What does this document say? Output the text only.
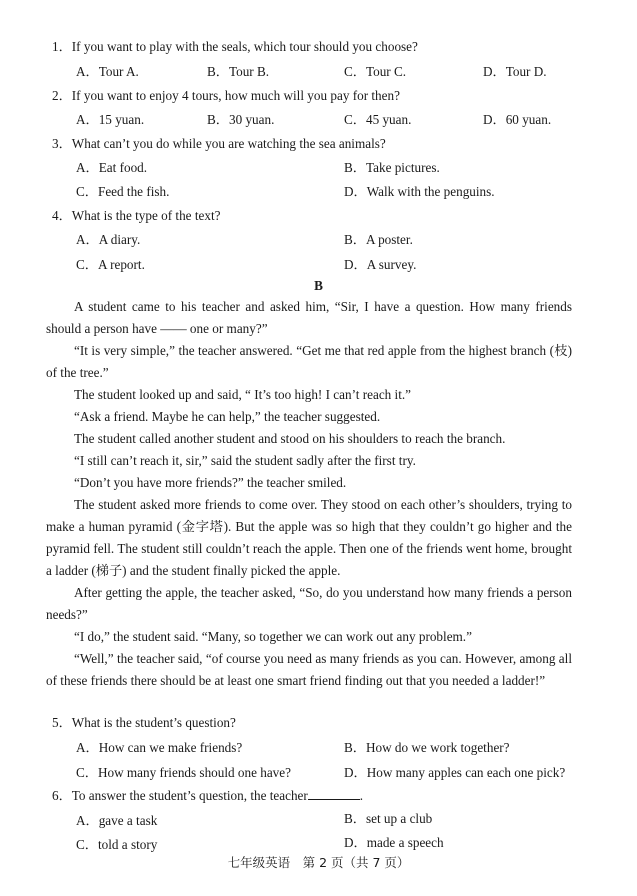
1．If you want to play with the seals, which tour should you choose?
A．Tour A.	B．Tour B.	C．Tour C.	D．Tour D.
2．If you want to enjoy 4 tours, how much will you pay for then?
A．15 yuan.	B．30 yuan.	C．45 yuan.	D．60 yuan.
3．What can’t you do while you are watching the sea animals?
A．Eat food.	B．Take pictures.
C．Feed the fish.	D．Walk with the penguins.
4．What is the type of the text?
A．A diary.	B．A poster.
C．A report.	D．A survey.
B
A student came to his teacher and asked him, “Sir, I have a question. How many friends should a person have —— one or many?”
“It is very simple,” the teacher answered. “Get me that red apple from the highest branch (枝) of the tree.”
The student looked up and said, “ It’s too high! I can’t reach it.”
“Ask a friend. Maybe he can help,” the teacher suggested.
The student called another student and stood on his shoulders to reach the branch.
“I still can’t reach it, sir,” said the student sadly after the first try.
“Don’t you have more friends?” the teacher smiled.
The student asked more friends to come over. They stood on each other’s shoulders, trying to make a human pyramid (金字塔). But the apple was so high that they couldn’t go higher and the pyramid fell. The student still couldn’t reach the apple. Then one of the friends went home, brought a ladder (梯子) and the student finally picked the apple.
After getting the apple, the teacher asked, “So, do you understand how many friends a person needs?”
“I do,” the student said. “Many, so together we can work out any problem.”
“Well,” the teacher said, “of course you need as many friends as you can. However, among all of these friends there should be at least one smart friend finding out that you needed a ladder!”
5．What is the student’s question?
A．How can we make friends?	B．How do we work together?
C．How many friends should one have?	D．How many apples can each one pick?
6．To answer the student’s question, the teacher	.
A．gave a task	B．set up a club
C．told a story	D．made a speech
七年级英语　第 2 页（共 7 页）
